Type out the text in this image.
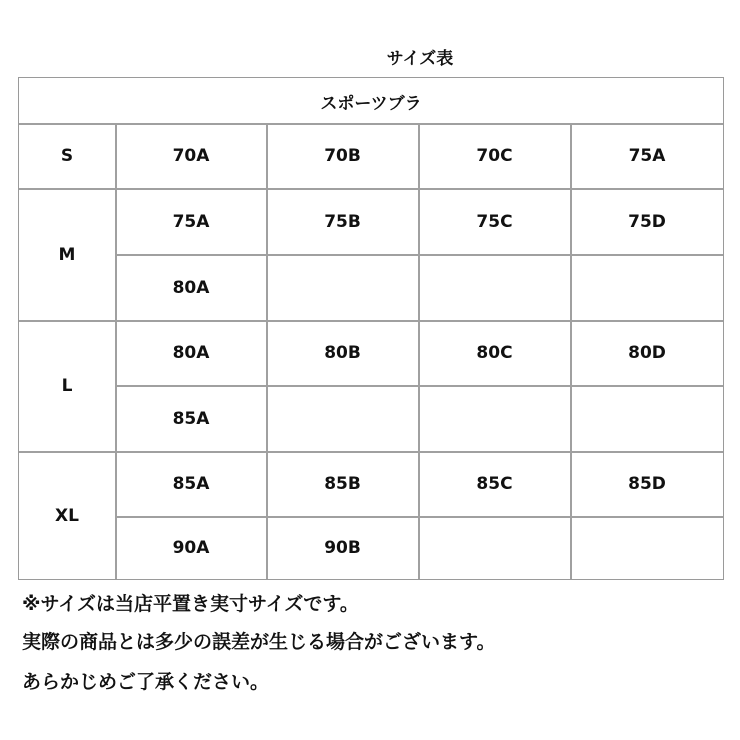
サイズ表
スポーツブラ
S	70A	70B	70C	75A
M
75A	75B	75C	75D
80A
L
80A	80B	80C	80D
85A
XL
85A	85B	85C	85D
90A	90B
※サイズは当店平置き実寸サイズです。
実際の商品とは多少の誤差が生じる場合がございます。
あらかじめご了承ください。
